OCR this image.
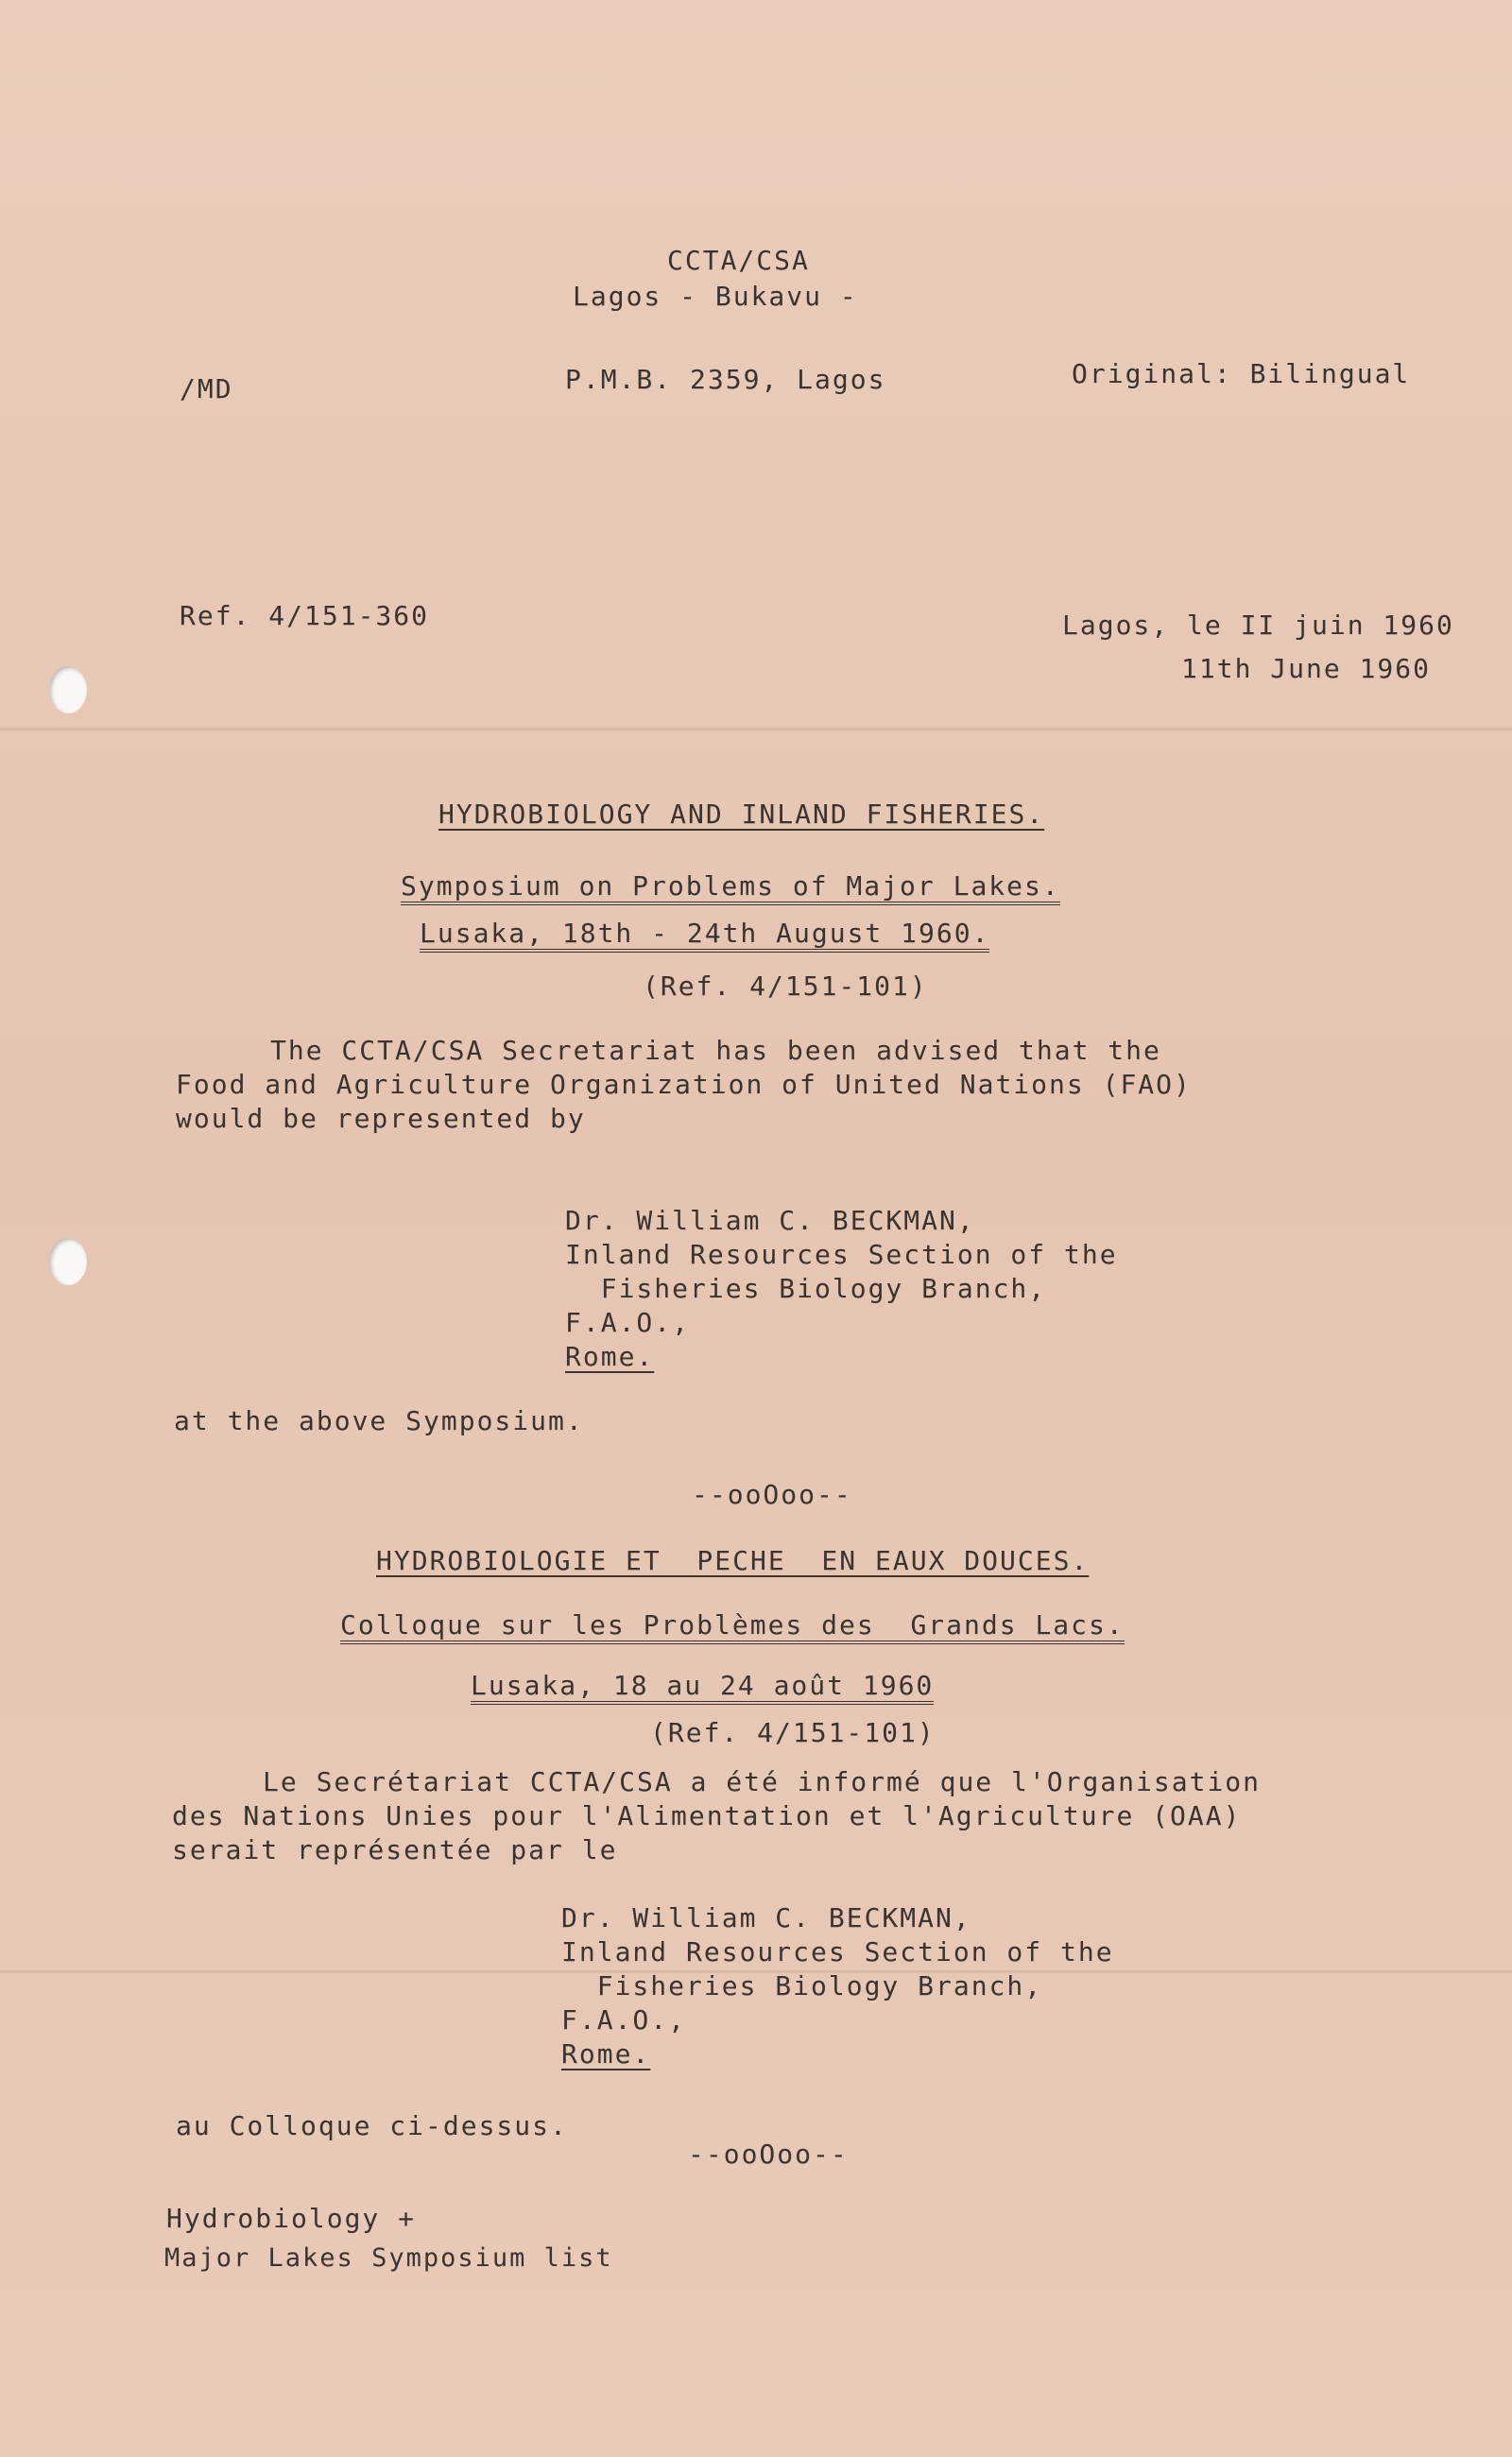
CCTA/CSA
Lagos - Bukavu -
/MD	P.M.B. 2359, Lagos	Original: Bilingual
Ref. 4/151-360	Lagos, le II juin 1960
11th June 1960
HYDROBIOLOGY AND INLAND FISHERIES.
Symposium on Problems of Major Lakes.
Lusaka, 18th - 24th August 1960.
(Ref. 4/151-101)
The CCTA/CSA Secretariat has been advised that the
Food and Agriculture Organization of United Nations (FAO)
would be represented by
Dr. William C. BECKMAN,
Inland Resources Section of the
Fisheries Biology Branch,
F.A.O.,
Rome.
at the above Symposium.
--ooOoo--
HYDROBIOLOGIE ET  PECHE  EN EAUX DOUCES.
Colloque sur les Problèmes des  Grands Lacs.
Lusaka, 18 au 24 août 1960
(Ref. 4/151-101)
Le Secrétariat CCTA/CSA a été informé que l'Organisation
des Nations Unies pour l'Alimentation et l'Agriculture (OAA)
serait représentée par le
Dr. William C. BECKMAN,
Inland Resources Section of the
Fisheries Biology Branch,
F.A.O.,
Rome.
au Colloque ci-dessus.
--ooOoo--
Hydrobiology +
Major Lakes Symposium list
